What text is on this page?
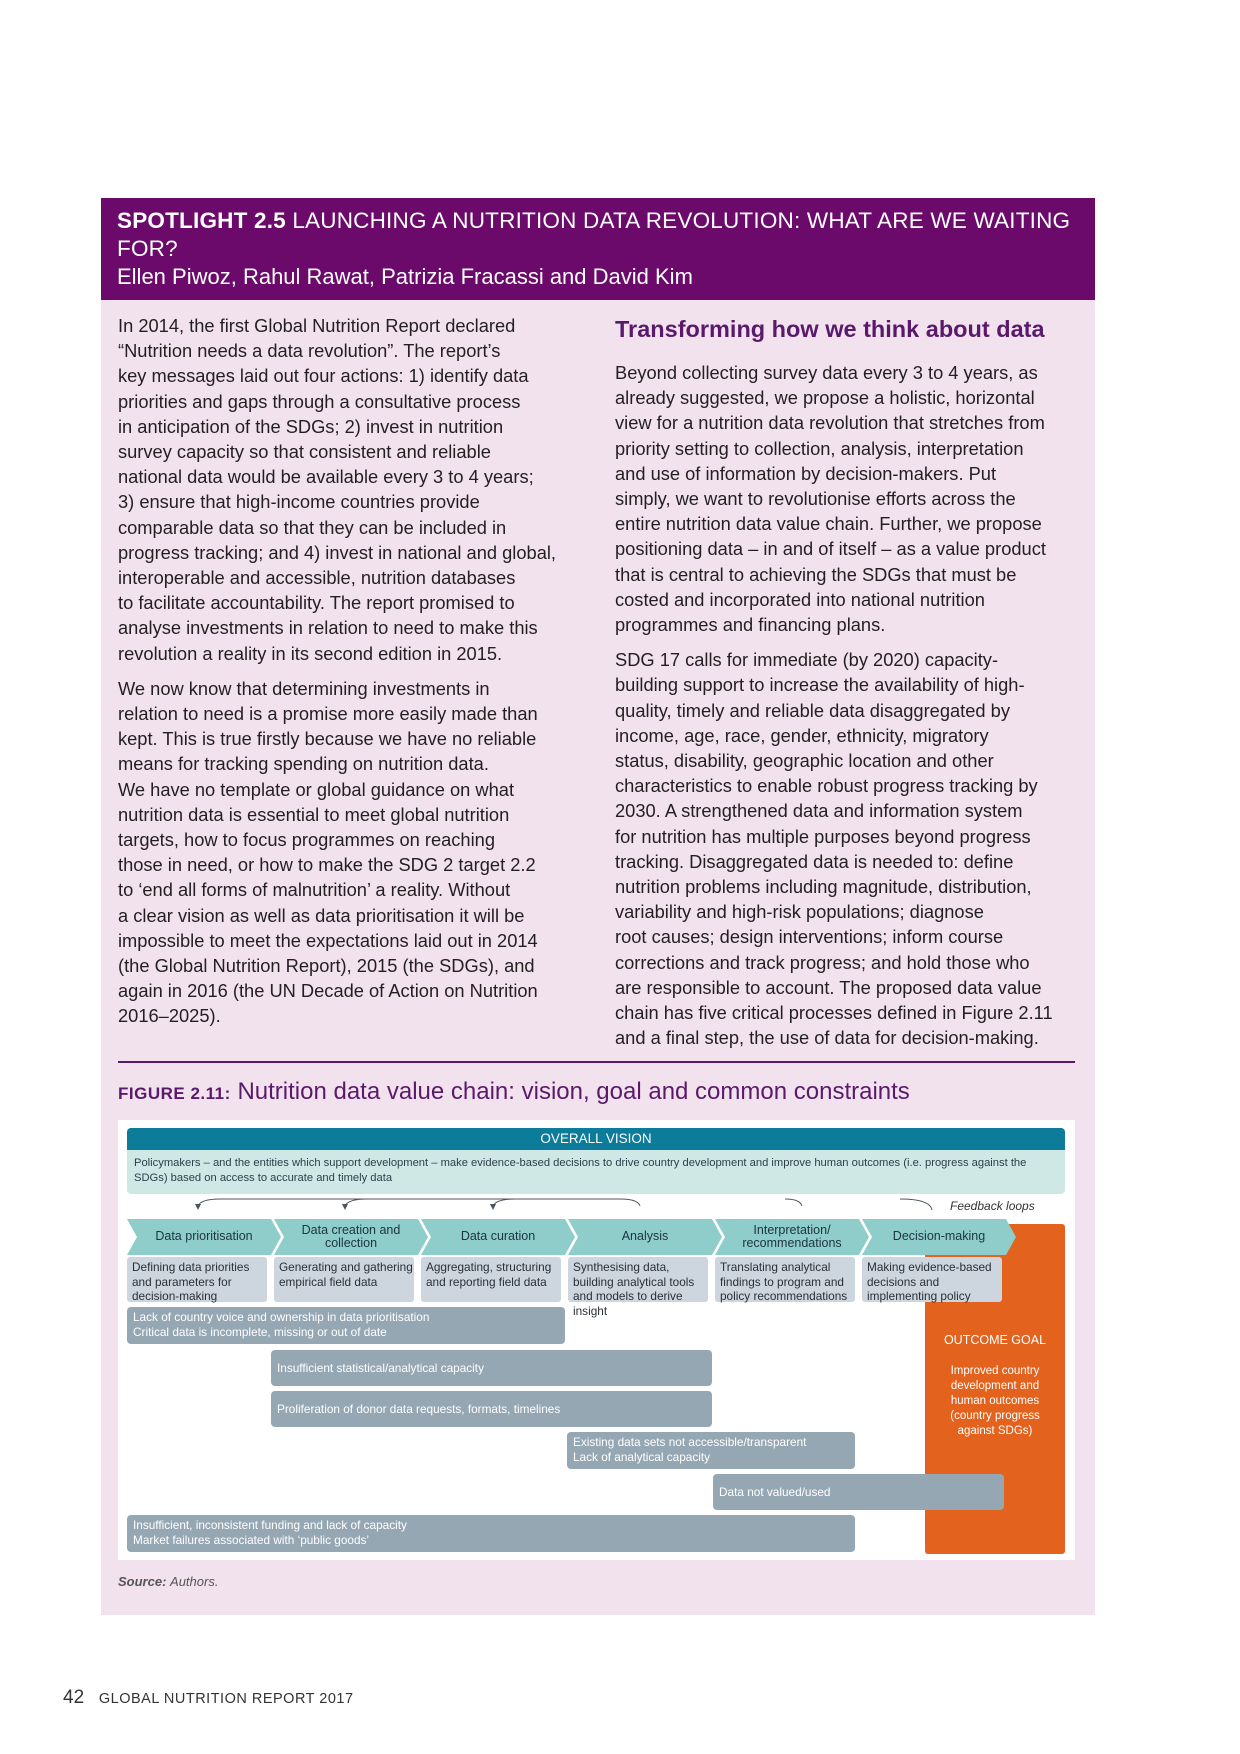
SPOTLIGHT 2.5 LAUNCHING A NUTRITION DATA REVOLUTION: WHAT ARE WE WAITING FOR?
Ellen Piwoz, Rahul Rawat, Patrizia Fracassi and David Kim

In 2014, the first Global Nutrition Report declared
“Nutrition needs a data revolution”. The report’s
key messages laid out four actions: 1) identify data
priorities and gaps through a consultative process
in anticipation of the SDGs; 2) invest in nutrition
survey capacity so that consistent and reliable
national data would be available every 3 to 4 years;
3) ensure that high-income countries provide
comparable data so that they can be included in
progress tracking; and 4) invest in national and global,
interoperable and accessible, nutrition databases
to facilitate accountability. The report promised to
analyse investments in relation to need to make this
revolution a reality in its second edition in 2015.

We now know that determining investments in
relation to need is a promise more easily made than
kept. This is true firstly because we have no reliable
means for tracking spending on nutrition data.
We have no template or global guidance on what
nutrition data is essential to meet global nutrition
targets, how to focus programmes on reaching
those in need, or how to make the SDG 2 target 2.2
to ‘end all forms of malnutrition’ a reality. Without
a clear vision as well as data prioritisation it will be
impossible to meet the expectations laid out in 2014
(the Global Nutrition Report), 2015 (the SDGs), and
again in 2016 (the UN Decade of Action on Nutrition
2016–2025).

Transforming how we think about data

Beyond collecting survey data every 3 to 4 years, as
already suggested, we propose a holistic, horizontal
view for a nutrition data revolution that stretches from
priority setting to collection, analysis, interpretation
and use of information by decision-makers. Put
simply, we want to revolutionise efforts across the
entire nutrition data value chain. Further, we propose
positioning data – in and of itself – as a value product
that is central to achieving the SDGs that must be
costed and incorporated into national nutrition
programmes and financing plans.

SDG 17 calls for immediate (by 2020) capacity-
building support to increase the availability of high-
quality, timely and reliable data disaggregated by
income, age, race, gender, ethnicity, migratory
status, disability, geographic location and other
characteristics to enable robust progress tracking by
2030. A strengthened data and information system
for nutrition has multiple purposes beyond progress
tracking. Disaggregated data is needed to: define
nutrition problems including magnitude, distribution,
variability and high-risk populations; diagnose
root causes; design interventions; inform course
corrections and track progress; and hold those who
are responsible to account. The proposed data value
chain has five critical processes defined in Figure 2.11
and a final step, the use of data for decision-making.

FIGURE 2.11: Nutrition data value chain: vision, goal and common constraints
OVERALL VISION
Policymakers – and the entities which support development – make evidence-based decisions to drive country development and improve human outcomes (i.e. progress against the SDGs) based on access to accurate and timely data
Feedback loops
OUTCOME GOAL
Improved country development and human outcomes (country progress against SDGs)
Data prioritisation	Data creation and collection	Data curation	Analysis	Interpretation/ recommendations	Decision-making
Defining data priorities and parameters for decision-making
Generating and gathering empirical field data
Aggregating, structuring and reporting field data
Synthesising data, building analytical tools and models to derive insight
Translating analytical findings to program and policy recommendations
Making evidence-based decisions and implementing policy
Lack of country voice and ownership in data prioritisation
Critical data is incomplete, missing or out of date
Insufficient statistical/analytical capacity
Proliferation of donor data requests, formats, timelines
Existing data sets not accessible/transparent
Lack of analytical capacity
Data not valued/used
Insufficient, inconsistent funding and lack of capacity
Market failures associated with ‘public goods’
Source: Authors.
42 GLOBAL NUTRITION REPORT 2017
